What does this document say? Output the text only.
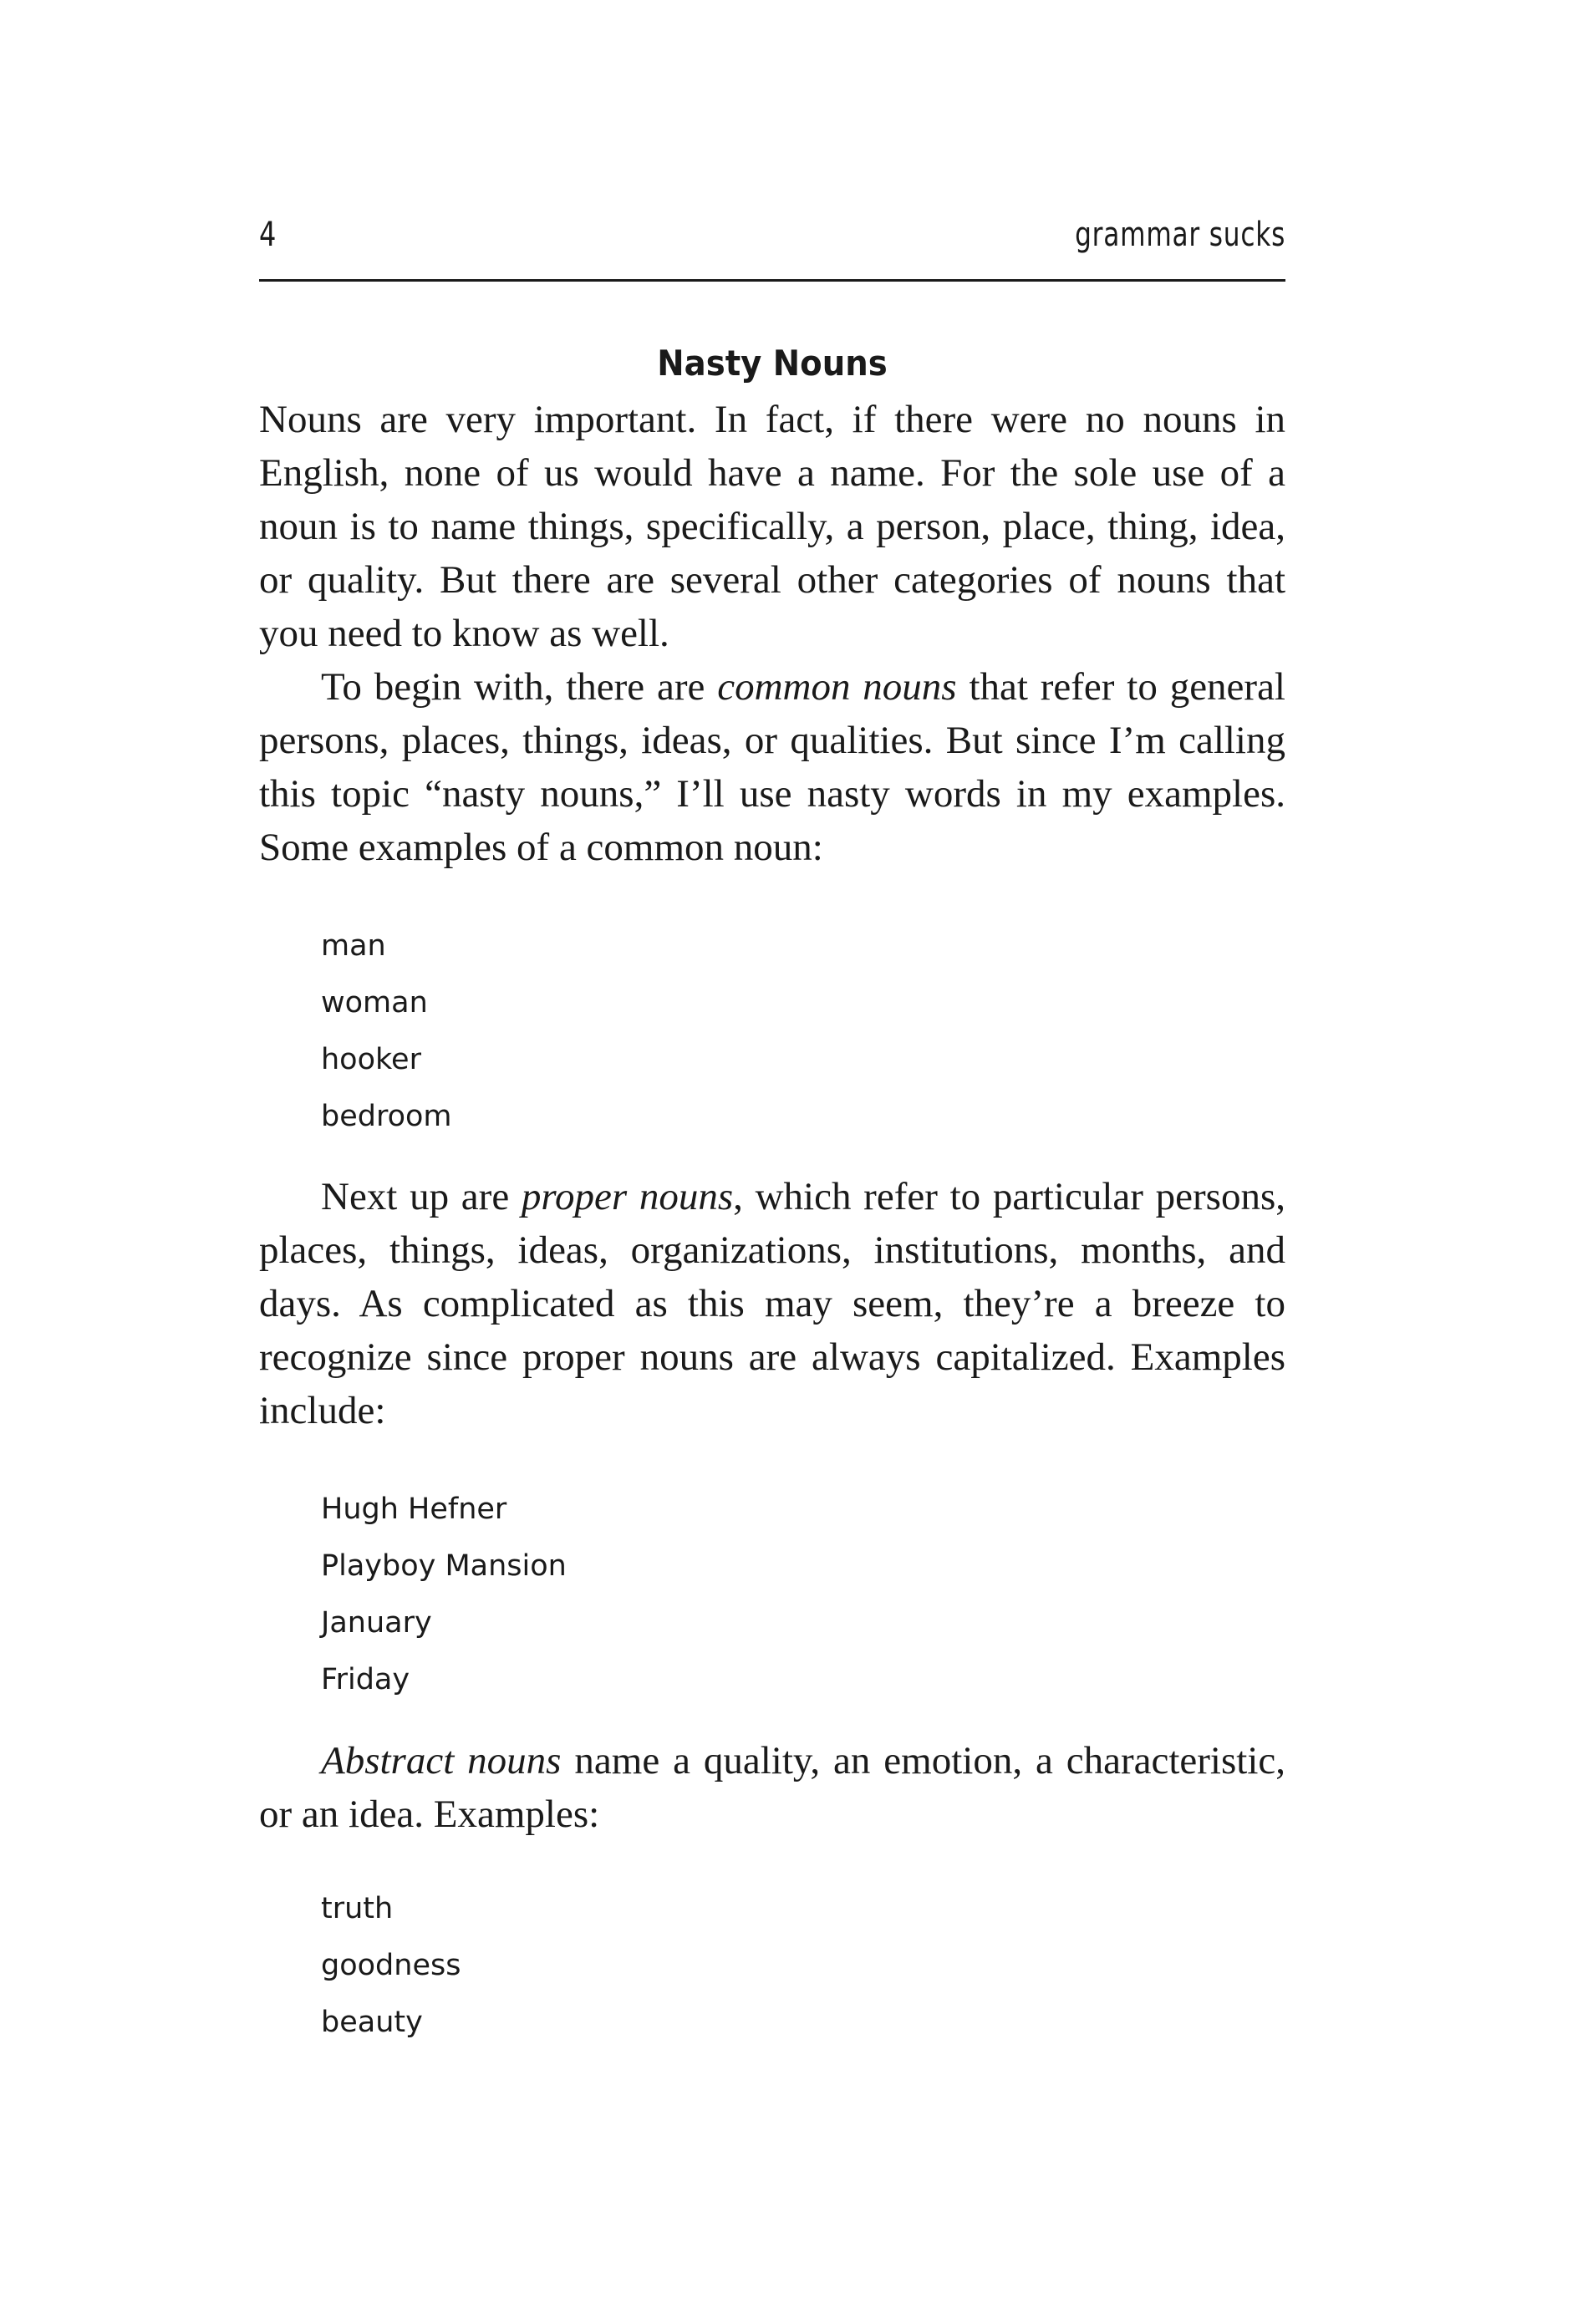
4	grammar sucks
Nasty Nouns

Nouns are very important. In fact, if there were no nouns in English, none of us would have a name. For the sole use of a noun is to name things, specifically, a person, place, thing, idea, or quality. But there are several other categories of nouns that you need to know as well.

To begin with, there are common nouns that refer to general persons, places, things, ideas, or qualities. But since I’m calling this topic “nasty nouns,” I’ll use nasty words in my examples. Some examples of a common noun:

man
woman
hooker
bedroom

Next up are proper nouns, which refer to particular persons, places, things, ideas, organizations, institutions, months, and days. As complicated as this may seem, they’re a breeze to recognize since proper nouns are always capitalized. Examples include:

Hugh Hefner
Playboy Mansion
January
Friday

Abstract nouns name a quality, an emotion, a characteristic, or an idea. Examples:

truth
goodness
beauty
